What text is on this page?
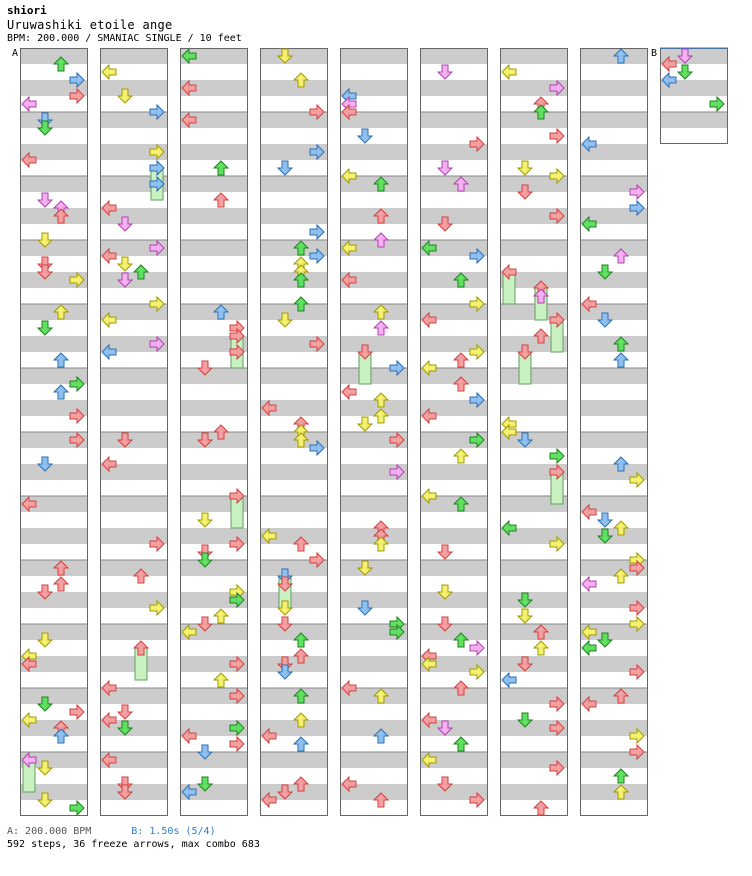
shiori
Uruwashiki etoile ange
BPM: 200.000 / SMANIAC SINGLE / 10 feet
A	B
A: 200.000 BPM	B: 1.50s (5/4)
592 steps, 36 freeze arrows, max combo 683
